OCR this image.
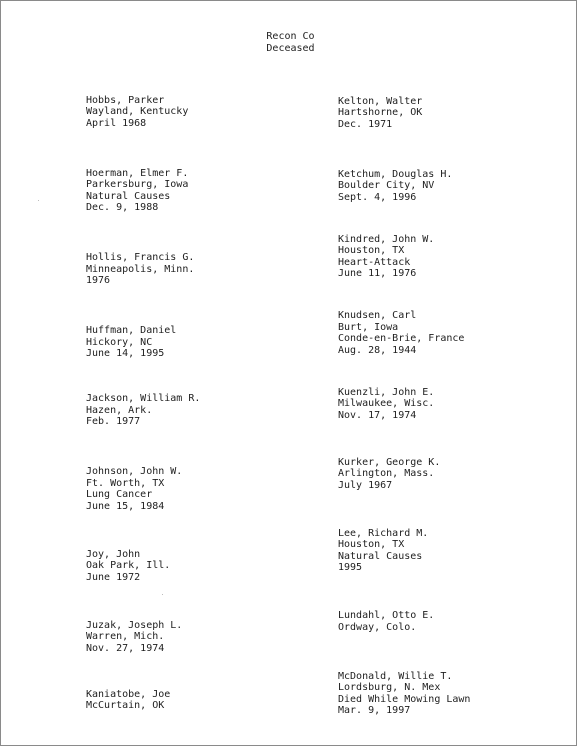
Recon Co
Deceased

Hobbs, Parker
Wayland, Kentucky
April 1968

Hoerman, Elmer F.
Parkersburg, Iowa
Natural Causes
Dec. 9, 1988

Hollis, Francis G.
Minneapolis, Minn.
1976

Huffman, Daniel
Hickory, NC
June 14, 1995

Jackson, William R.
Hazen, Ark.
Feb. 1977

Johnson, John W.
Ft. Worth, TX
Lung Cancer
June 15, 1984

Joy, John
Oak Park, Ill.
June 1972

Juzak, Joseph L.
Warren, Mich.
Nov. 27, 1974

Kaniatobe, Joe
McCurtain, OK

Kelton, Walter
Hartshorne, OK
Dec. 1971

Ketchum, Douglas H.
Boulder City, NV
Sept. 4, 1996

Kindred, John W.
Houston, TX
Heart-Attack
June 11, 1976

Knudsen, Carl
Burt, Iowa
Conde-en-Brie, France
Aug. 28, 1944

Kuenzli, John E.
Milwaukee, Wisc.
Nov. 17, 1974

Kurker, George K.
Arlington, Mass.
July 1967

Lee, Richard M.
Houston, TX
Natural Causes
1995

Lundahl, Otto E.
Ordway, Colo.

McDonald, Willie T.
Lordsburg, N. Mex
Died While Mowing Lawn
Mar. 9, 1997
